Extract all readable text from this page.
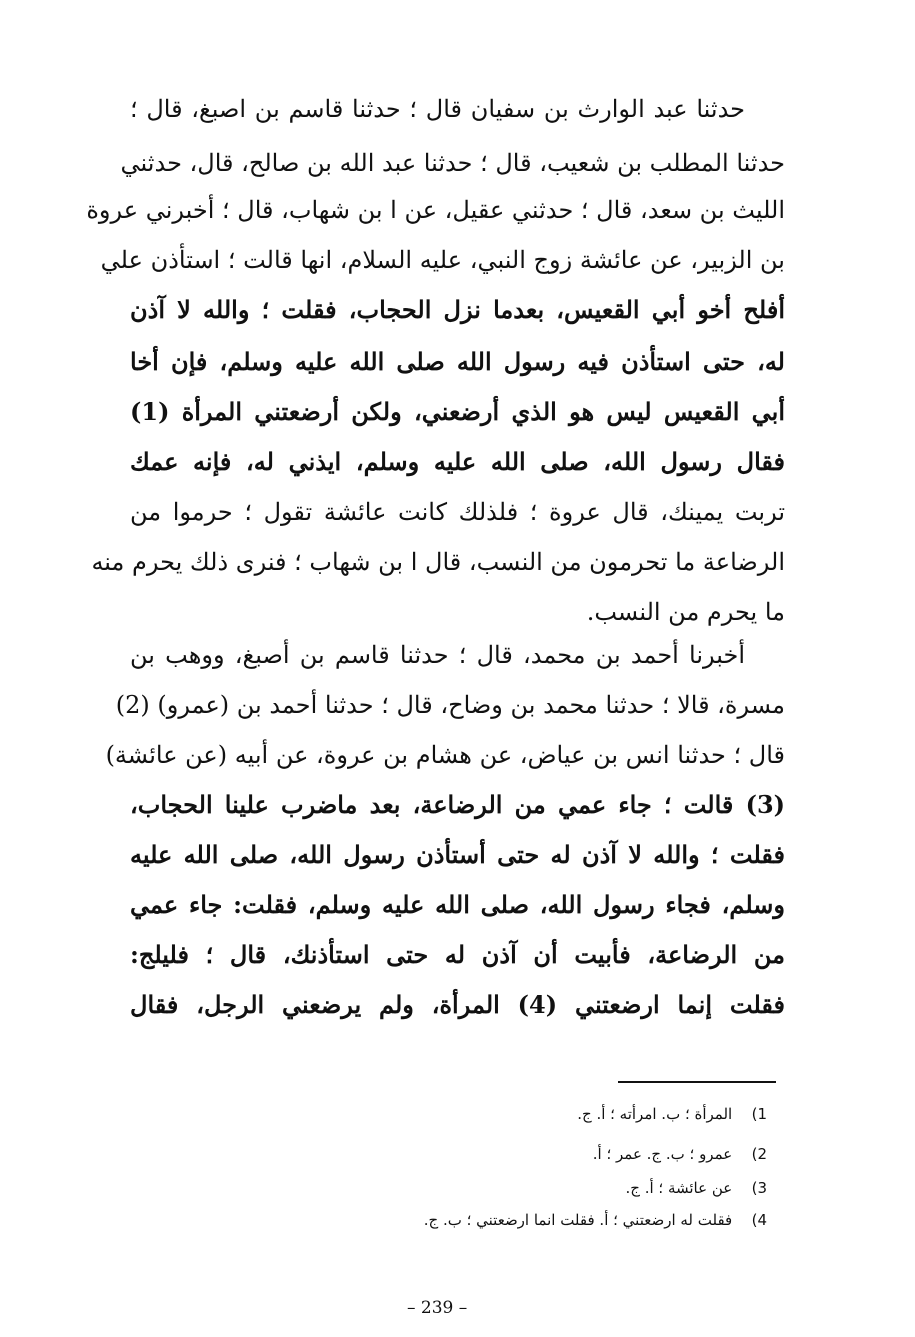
حدثنا عبد الوارث بن سفيان قال ؛ حدثنا قاسم بن اصبغ، قال ؛
حدثنا المطلب بن شعيب، قال ؛ حدثنا عبد الله بن صالح، قال، حدثني
الليث بن سعد، قال ؛ حدثني عقيل، عن ا بن شهاب، قال ؛ أخبرني عروة
بن الزبير، عن عائشة زوج النبي، عليه السلام، انها قالت ؛ استأذن علي
أفلح أخو أبي القعيس، بعدما نزل الحجاب، فقلت ؛ والله لا آذن
له، حتى استأذن فيه رسول الله صلى الله عليه وسلم، فإن أخا
أبي القعيس ليس هو الذي أرضعني، ولكن أرضعتني المرأة (1)
فقال رسول الله، صلى الله عليه وسلم، ايذني له، فإنه عمك
تربت يمينك، قال عروة ؛ فلذلك كانت عائشة تقول ؛ حرموا من
الرضاعة ما تحرمون من النسب، قال ا بن شهاب ؛ فنرى ذلك يحرم منه
ما يحرم من النسب.
أخبرنا أحمد بن محمد، قال ؛ حدثنا قاسم بن أصبغ، ووهب بن
مسرة، قالا ؛ حدثنا محمد بن وضاح، قال ؛ حدثنا أحمد بن (عمرو) (2)
قال ؛ حدثنا انس بن عياض، عن هشام بن عروة، عن أبيه (عن عائشة)
(3) قالت ؛ جاء عمي من الرضاعة، بعد ماضرب علينا الحجاب،
فقلت ؛ والله لا آذن له حتى أستأذن رسول الله، صلى الله عليه
وسلم، فجاء رسول الله، صلى الله عليه وسلم، فقلت: جاء عمي
من الرضاعة، فأبيت أن آذن له حتى استأذنك، قال ؛ فليلج:
فقلت إنما ارضعتني (4) المرأة، ولم يرضعني الرجل، فقال
1) المرأة ؛ ب. امرأته ؛ أ. ج.
2) عمرو ؛ ب. ج. عمر ؛ أ.
3) عن عائشة ؛ أ. ج.
4) فقلت له ارضعتني ؛ أ. فقلت انما ارضعتني ؛ ب. ج.
– 239 –
